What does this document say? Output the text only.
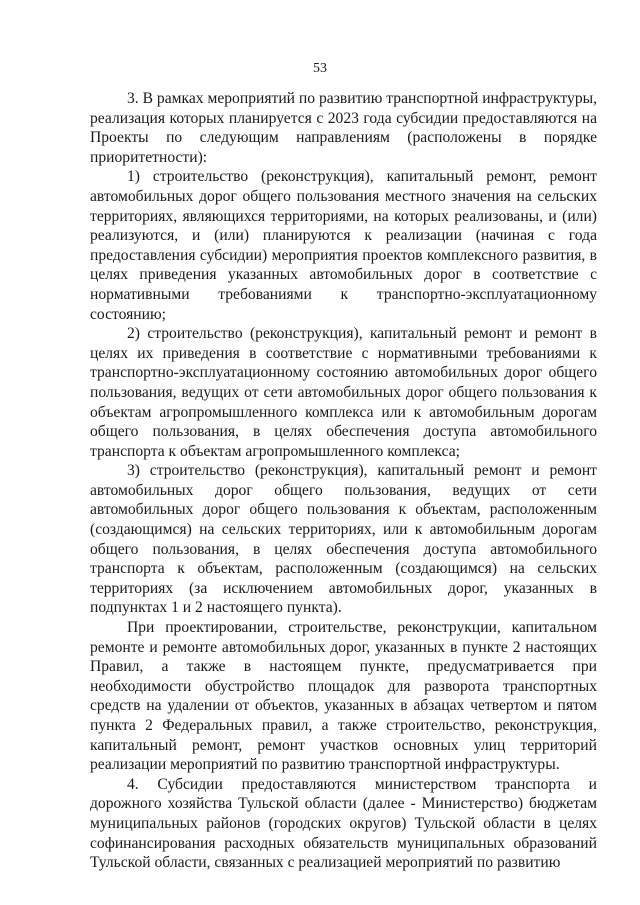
53

3. В рамках мероприятий по развитию транспортной инфраструктуры, реализация которых планируется с 2023 года субсидии предоставляются на Проекты по следующим направлениям (расположены в порядке приоритетности):

1) строительство (реконструкция), капитальный ремонт, ремонт автомобильных дорог общего пользования местного значения на сельских территориях, являющихся территориями, на которых реализованы, и (или) реализуются, и (или) планируются к реализации (начиная с года предоставления субсидии) мероприятия проектов комплексного развития, в целях приведения указанных автомобильных дорог в соответствие с нормативными требованиями к транспортно-эксплуатационному состоянию;

2) строительство (реконструкция), капитальный ремонт и ремонт в целях их приведения в соответствие с нормативными требованиями к транспортно-эксплуатационному состоянию автомобильных дорог общего пользования, ведущих от сети автомобильных дорог общего пользования к объектам агропромышленного комплекса или к автомобильным дорогам общего пользования, в целях обеспечения доступа автомобильного транспорта к объектам агропромышленного комплекса;

3) строительство (реконструкция), капитальный ремонт и ремонт автомобильных дорог общего пользования, ведущих от сети автомобильных дорог общего пользования к объектам, расположенным (создающимся) на сельских территориях, или к автомобильным дорогам общего пользования, в целях обеспечения доступа автомобильного транспорта к объектам, расположенным (создающимся) на сельских территориях (за исключением автомобильных дорог, указанных в подпунктах 1 и 2 настоящего пункта).

При проектировании, строительстве, реконструкции, капитальном ремонте и ремонте автомобильных дорог, указанных в пункте 2 настоящих Правил, а также в настоящем пункте, предусматривается при необходимости обустройство площадок для разворота транспортных средств на удалении от объектов, указанных в абзацах четвертом и пятом пункта 2 Федеральных правил, а также строительство, реконструкция, капитальный ремонт, ремонт участков основных улиц территорий реализации мероприятий по развитию транспортной инфраструктуры.

4. Субсидии предоставляются министерством транспорта и дорожного хозяйства Тульской области (далее - Министерство) бюджетам муниципальных районов (городских округов) Тульской области в целях софинансирования расходных обязательств муниципальных образований Тульской области, связанных с реализацией мероприятий по развитию
